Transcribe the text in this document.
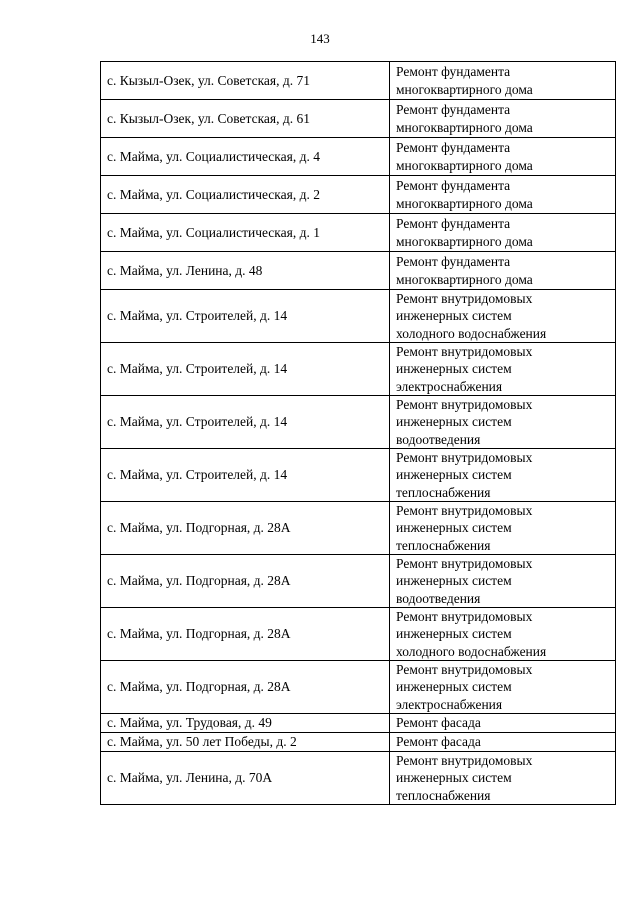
143
с. Кызыл-Озек, ул. Советская, д. 71	Ремонт фундамента
многоквартирного дома

с. Кызыл-Озек, ул. Советская, д. 61	Ремонт фундамента
многоквартирного дома

с. Майма, ул. Социалистическая, д. 4	Ремонт фундамента
многоквартирного дома

с. Майма, ул. Социалистическая, д. 2	Ремонт фундамента
многоквартирного дома

с. Майма, ул. Социалистическая, д. 1	Ремонт фундамента
многоквартирного дома

с. Майма, ул. Ленина, д. 48	Ремонт фундамента
многоквартирного дома

с. Майма, ул. Строителей, д. 14	Ремонт внутридомовых
инженерных систем
холодного водоснабжения

с. Майма, ул. Строителей, д. 14	Ремонт внутридомовых
инженерных систем
электроснабжения

с. Майма, ул. Строителей, д. 14	Ремонт внутридомовых
инженерных систем
водоотведения

с. Майма, ул. Строителей, д. 14	Ремонт внутридомовых
инженерных систем
теплоснабжения

с. Майма, ул. Подгорная, д. 28А	Ремонт внутридомовых
инженерных систем
теплоснабжения

с. Майма, ул. Подгорная, д. 28А	Ремонт внутридомовых
инженерных систем
водоотведения

с. Майма, ул. Подгорная, д. 28А	Ремонт внутридомовых
инженерных систем
холодного водоснабжения

с. Майма, ул. Подгорная, д. 28А	Ремонт внутридомовых
инженерных систем
электроснабжения

с. Майма, ул. Трудовая, д. 49	Ремонт фасада

с. Майма, ул. 50 лет Победы, д. 2	Ремонт фасада

с. Майма, ул. Ленина, д. 70А	Ремонт внутридомовых
инженерных систем
теплоснабжения
